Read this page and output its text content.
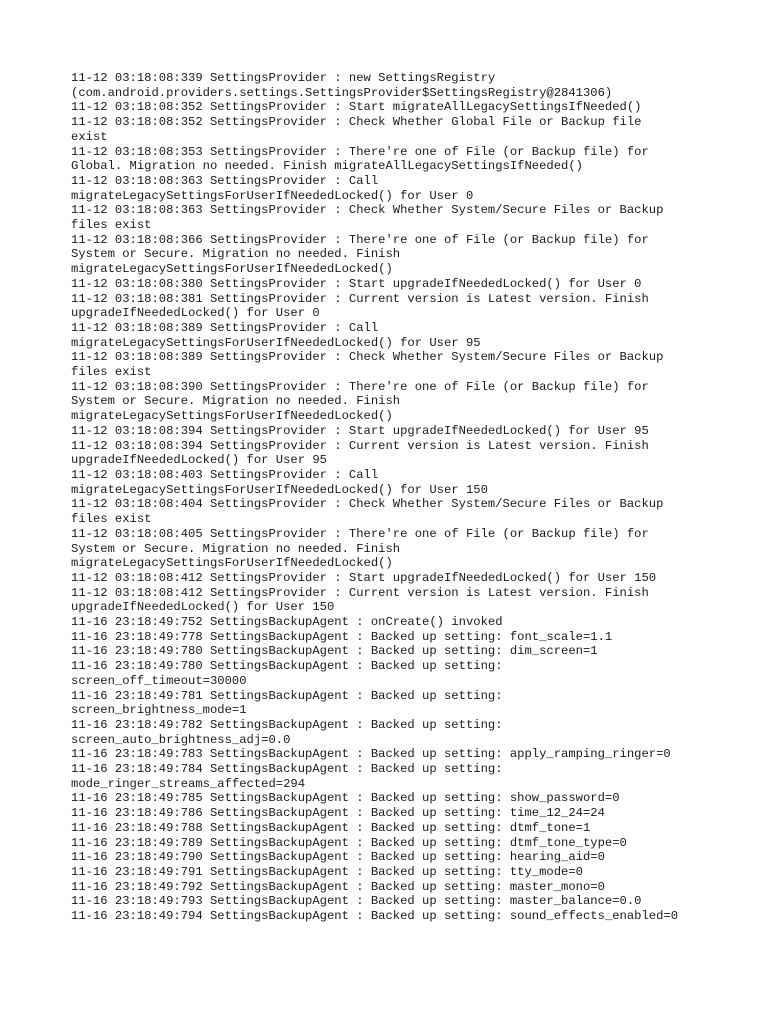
11-12 03:18:08:339 SettingsProvider : new SettingsRegistry
(com.android.providers.settings.SettingsProvider$SettingsRegistry@2841306)

11-12 03:18:08:352 SettingsProvider : Start migrateAllLegacySettingsIfNeeded()

11-12 03:18:08:352 SettingsProvider : Check Whether Global File or Backup file
exist

11-12 03:18:08:353 SettingsProvider : There're one of File (or Backup file) for
Global. Migration no needed. Finish migrateAllLegacySettingsIfNeeded()

11-12 03:18:08:363 SettingsProvider : Call
migrateLegacySettingsForUserIfNeededLocked() for User 0

11-12 03:18:08:363 SettingsProvider : Check Whether System/Secure Files or Backup
files exist

11-12 03:18:08:366 SettingsProvider : There're one of File (or Backup file) for
System or Secure. Migration no needed. Finish
migrateLegacySettingsForUserIfNeededLocked()

11-12 03:18:08:380 SettingsProvider : Start upgradeIfNeededLocked() for User 0

11-12 03:18:08:381 SettingsProvider : Current version is Latest version. Finish
upgradeIfNeededLocked() for User 0

11-12 03:18:08:389 SettingsProvider : Call
migrateLegacySettingsForUserIfNeededLocked() for User 95

11-12 03:18:08:389 SettingsProvider : Check Whether System/Secure Files or Backup
files exist

11-12 03:18:08:390 SettingsProvider : There're one of File (or Backup file) for
System or Secure. Migration no needed. Finish
migrateLegacySettingsForUserIfNeededLocked()

11-12 03:18:08:394 SettingsProvider : Start upgradeIfNeededLocked() for User 95

11-12 03:18:08:394 SettingsProvider : Current version is Latest version. Finish
upgradeIfNeededLocked() for User 95

11-12 03:18:08:403 SettingsProvider : Call
migrateLegacySettingsForUserIfNeededLocked() for User 150

11-12 03:18:08:404 SettingsProvider : Check Whether System/Secure Files or Backup
files exist

11-12 03:18:08:405 SettingsProvider : There're one of File (or Backup file) for
System or Secure. Migration no needed. Finish
migrateLegacySettingsForUserIfNeededLocked()

11-12 03:18:08:412 SettingsProvider : Start upgradeIfNeededLocked() for User 150

11-12 03:18:08:412 SettingsProvider : Current version is Latest version. Finish
upgradeIfNeededLocked() for User 150

11-16 23:18:49:752 SettingsBackupAgent : onCreate() invoked

11-16 23:18:49:778 SettingsBackupAgent : Backed up setting: font_scale=1.1

11-16 23:18:49:780 SettingsBackupAgent : Backed up setting: dim_screen=1

11-16 23:18:49:780 SettingsBackupAgent : Backed up setting:
screen_off_timeout=30000

11-16 23:18:49:781 SettingsBackupAgent : Backed up setting:
screen_brightness_mode=1

11-16 23:18:49:782 SettingsBackupAgent : Backed up setting:
screen_auto_brightness_adj=0.0

11-16 23:18:49:783 SettingsBackupAgent : Backed up setting: apply_ramping_ringer=0

11-16 23:18:49:784 SettingsBackupAgent : Backed up setting:
mode_ringer_streams_affected=294

11-16 23:18:49:785 SettingsBackupAgent : Backed up setting: show_password=0

11-16 23:18:49:786 SettingsBackupAgent : Backed up setting: time_12_24=24

11-16 23:18:49:788 SettingsBackupAgent : Backed up setting: dtmf_tone=1

11-16 23:18:49:789 SettingsBackupAgent : Backed up setting: dtmf_tone_type=0

11-16 23:18:49:790 SettingsBackupAgent : Backed up setting: hearing_aid=0

11-16 23:18:49:791 SettingsBackupAgent : Backed up setting: tty_mode=0

11-16 23:18:49:792 SettingsBackupAgent : Backed up setting: master_mono=0

11-16 23:18:49:793 SettingsBackupAgent : Backed up setting: master_balance=0.0

11-16 23:18:49:794 SettingsBackupAgent : Backed up setting: sound_effects_enabled=0
